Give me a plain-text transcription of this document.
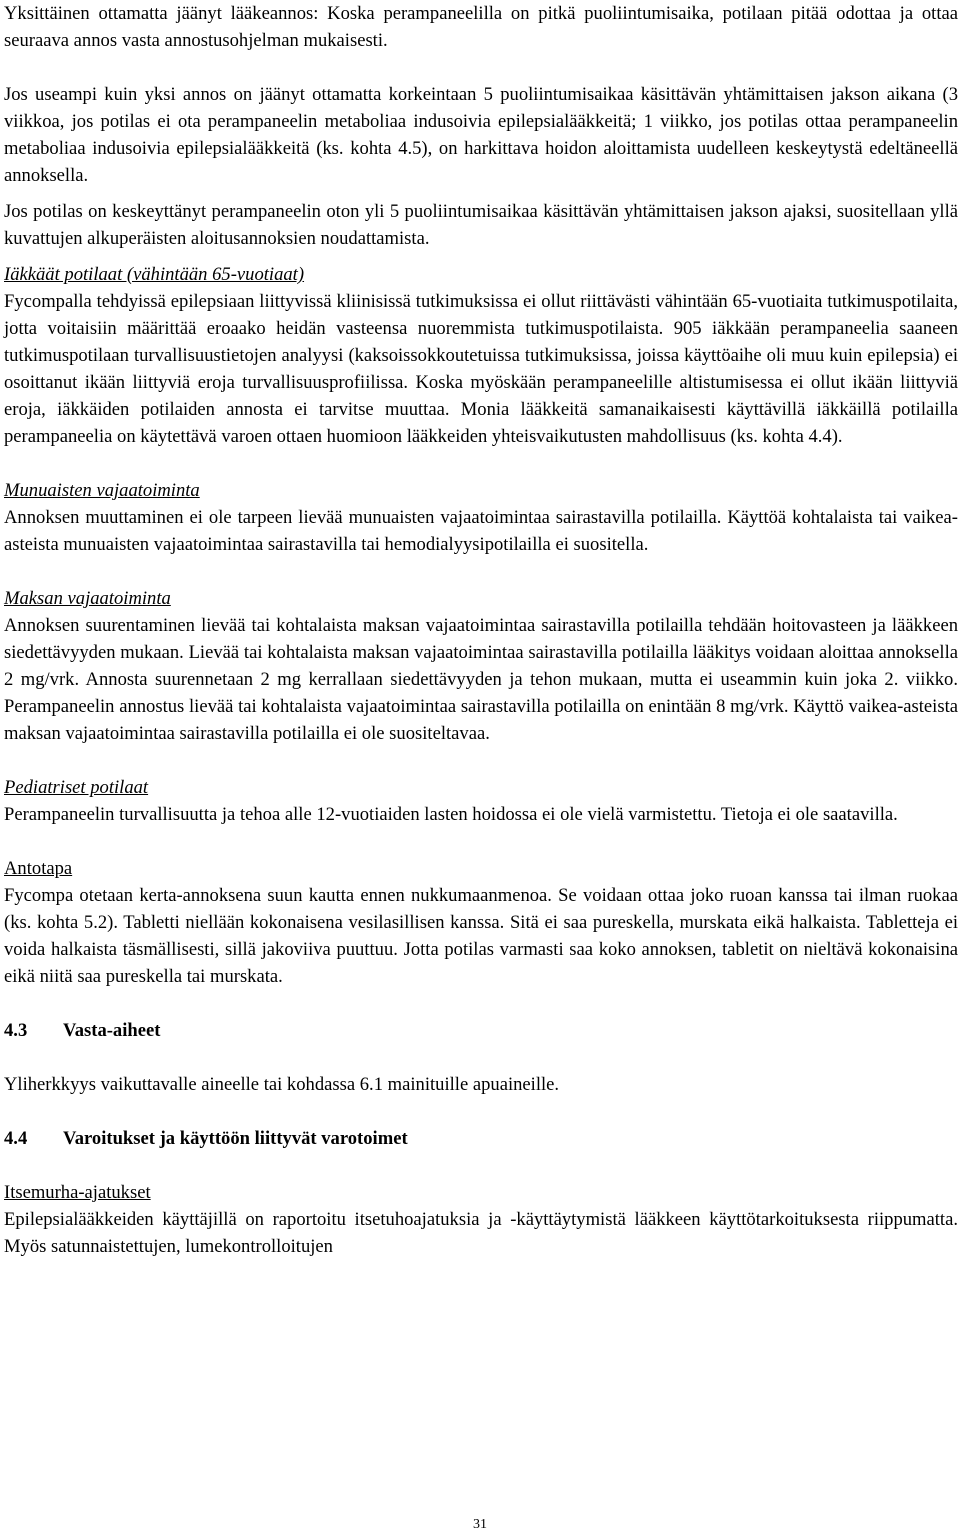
Yksittäinen ottamatta jäänyt lääkeannos: Koska perampaneelilla on pitkä puoliintumisaika, potilaan pitää odottaa ja ottaa seuraava annos vasta annostusohjelman mukaisesti.

Jos useampi kuin yksi annos on jäänyt ottamatta korkeintaan 5 puoliintumisaikaa käsittävän yhtämittaisen jakson aikana (3 viikkoa, jos potilas ei ota perampaneelin metaboliaa indusoivia epilepsialääkkeitä; 1 viikko, jos potilas ottaa perampaneelin metaboliaa indusoivia epilepsialääkkeitä (ks. kohta 4.5), on harkittava hoidon aloittamista uudelleen keskeytystä edeltäneellä annoksella.

Jos potilas on keskeyttänyt perampaneelin oton yli 5 puoliintumisaikaa käsittävän yhtämittaisen jakson ajaksi, suositellaan yllä kuvattujen alkuperäisten aloitusannoksien noudattamista.

Iäkkäät potilaat (vähintään 65-vuotiaat)

Fycompalla tehdyissä epilepsiaan liittyvissä kliinisissä tutkimuksissa ei ollut riittävästi vähintään 65-vuotiaita tutkimuspotilaita, jotta voitaisiin määrittää eroaako heidän vasteensa nuoremmista tutkimuspotilaista. 905 iäkkään perampaneelia saaneen tutkimuspotilaan turvallisuustietojen analyysi (kaksoissokkoutetuissa tutkimuksissa, joissa käyttöaihe oli muu kuin epilepsia) ei osoittanut ikään liittyviä eroja turvallisuusprofiilissa. Koska myöskään perampaneelille altistumisessa ei ollut ikään liittyviä eroja, iäkkäiden potilaiden annosta ei tarvitse muuttaa. Monia lääkkeitä samanaikaisesti käyttävillä iäkkäillä potilailla perampaneelia on käytettävä varoen ottaen huomioon lääkkeiden yhteisvaikutusten mahdollisuus (ks. kohta 4.4).

Munuaisten vajaatoiminta

Annoksen muuttaminen ei ole tarpeen lievää munuaisten vajaatoimintaa sairastavilla potilailla. Käyttöä kohtalaista tai vaikea-asteista munuaisten vajaatoimintaa sairastavilla tai hemodialyysipotilailla ei suositella.

Maksan vajaatoiminta

Annoksen suurentaminen lievää tai kohtalaista maksan vajaatoimintaa sairastavilla potilailla tehdään hoitovasteen ja lääkkeen siedettävyyden mukaan. Lievää tai kohtalaista maksan vajaatoimintaa sairastavilla potilailla lääkitys voidaan aloittaa annoksella 2 mg/vrk. Annosta suurennetaan 2 mg kerrallaan siedettävyyden ja tehon mukaan, mutta ei useammin kuin joka 2. viikko. Perampaneelin annostus lievää tai kohtalaista vajaatoimintaa sairastavilla potilailla on enintään 8 mg/vrk. Käyttö vaikea-asteista maksan vajaatoimintaa sairastavilla potilailla ei ole suositeltavaa.

Pediatriset potilaat

Perampaneelin turvallisuutta ja tehoa alle 12-vuotiaiden lasten hoidossa ei ole vielä varmistettu. Tietoja ei ole saatavilla.

Antotapa

Fycompa otetaan kerta-annoksena suun kautta ennen nukkumaanmenoa. Se voidaan ottaa joko ruoan kanssa tai ilman ruokaa (ks. kohta 5.2). Tabletti niellään kokonaisena vesilasillisen kanssa. Sitä ei saa pureskella, murskata eikä halkaista. Tabletteja ei voida halkaista täsmällisesti, sillä jakoviiva puuttuu. Jotta potilas varmasti saa koko annoksen, tabletit on nieltävä kokonaisina eikä niitä saa pureskella tai murskata.

4.3 Vasta-aiheet

Yliherkkyys vaikuttavalle aineelle tai kohdassa 6.1 mainituille apuaineille.

4.4 Varoitukset ja käyttöön liittyvät varotoimet

Itsemurha-ajatukset

Epilepsialääkkeiden käyttäjillä on raportoitu itsetuhoajatuksia ja -käyttäytymistä lääkkeen käyttötarkoituksesta riippumatta. Myös satunnaistettujen, lumekontrolloitujen

31
